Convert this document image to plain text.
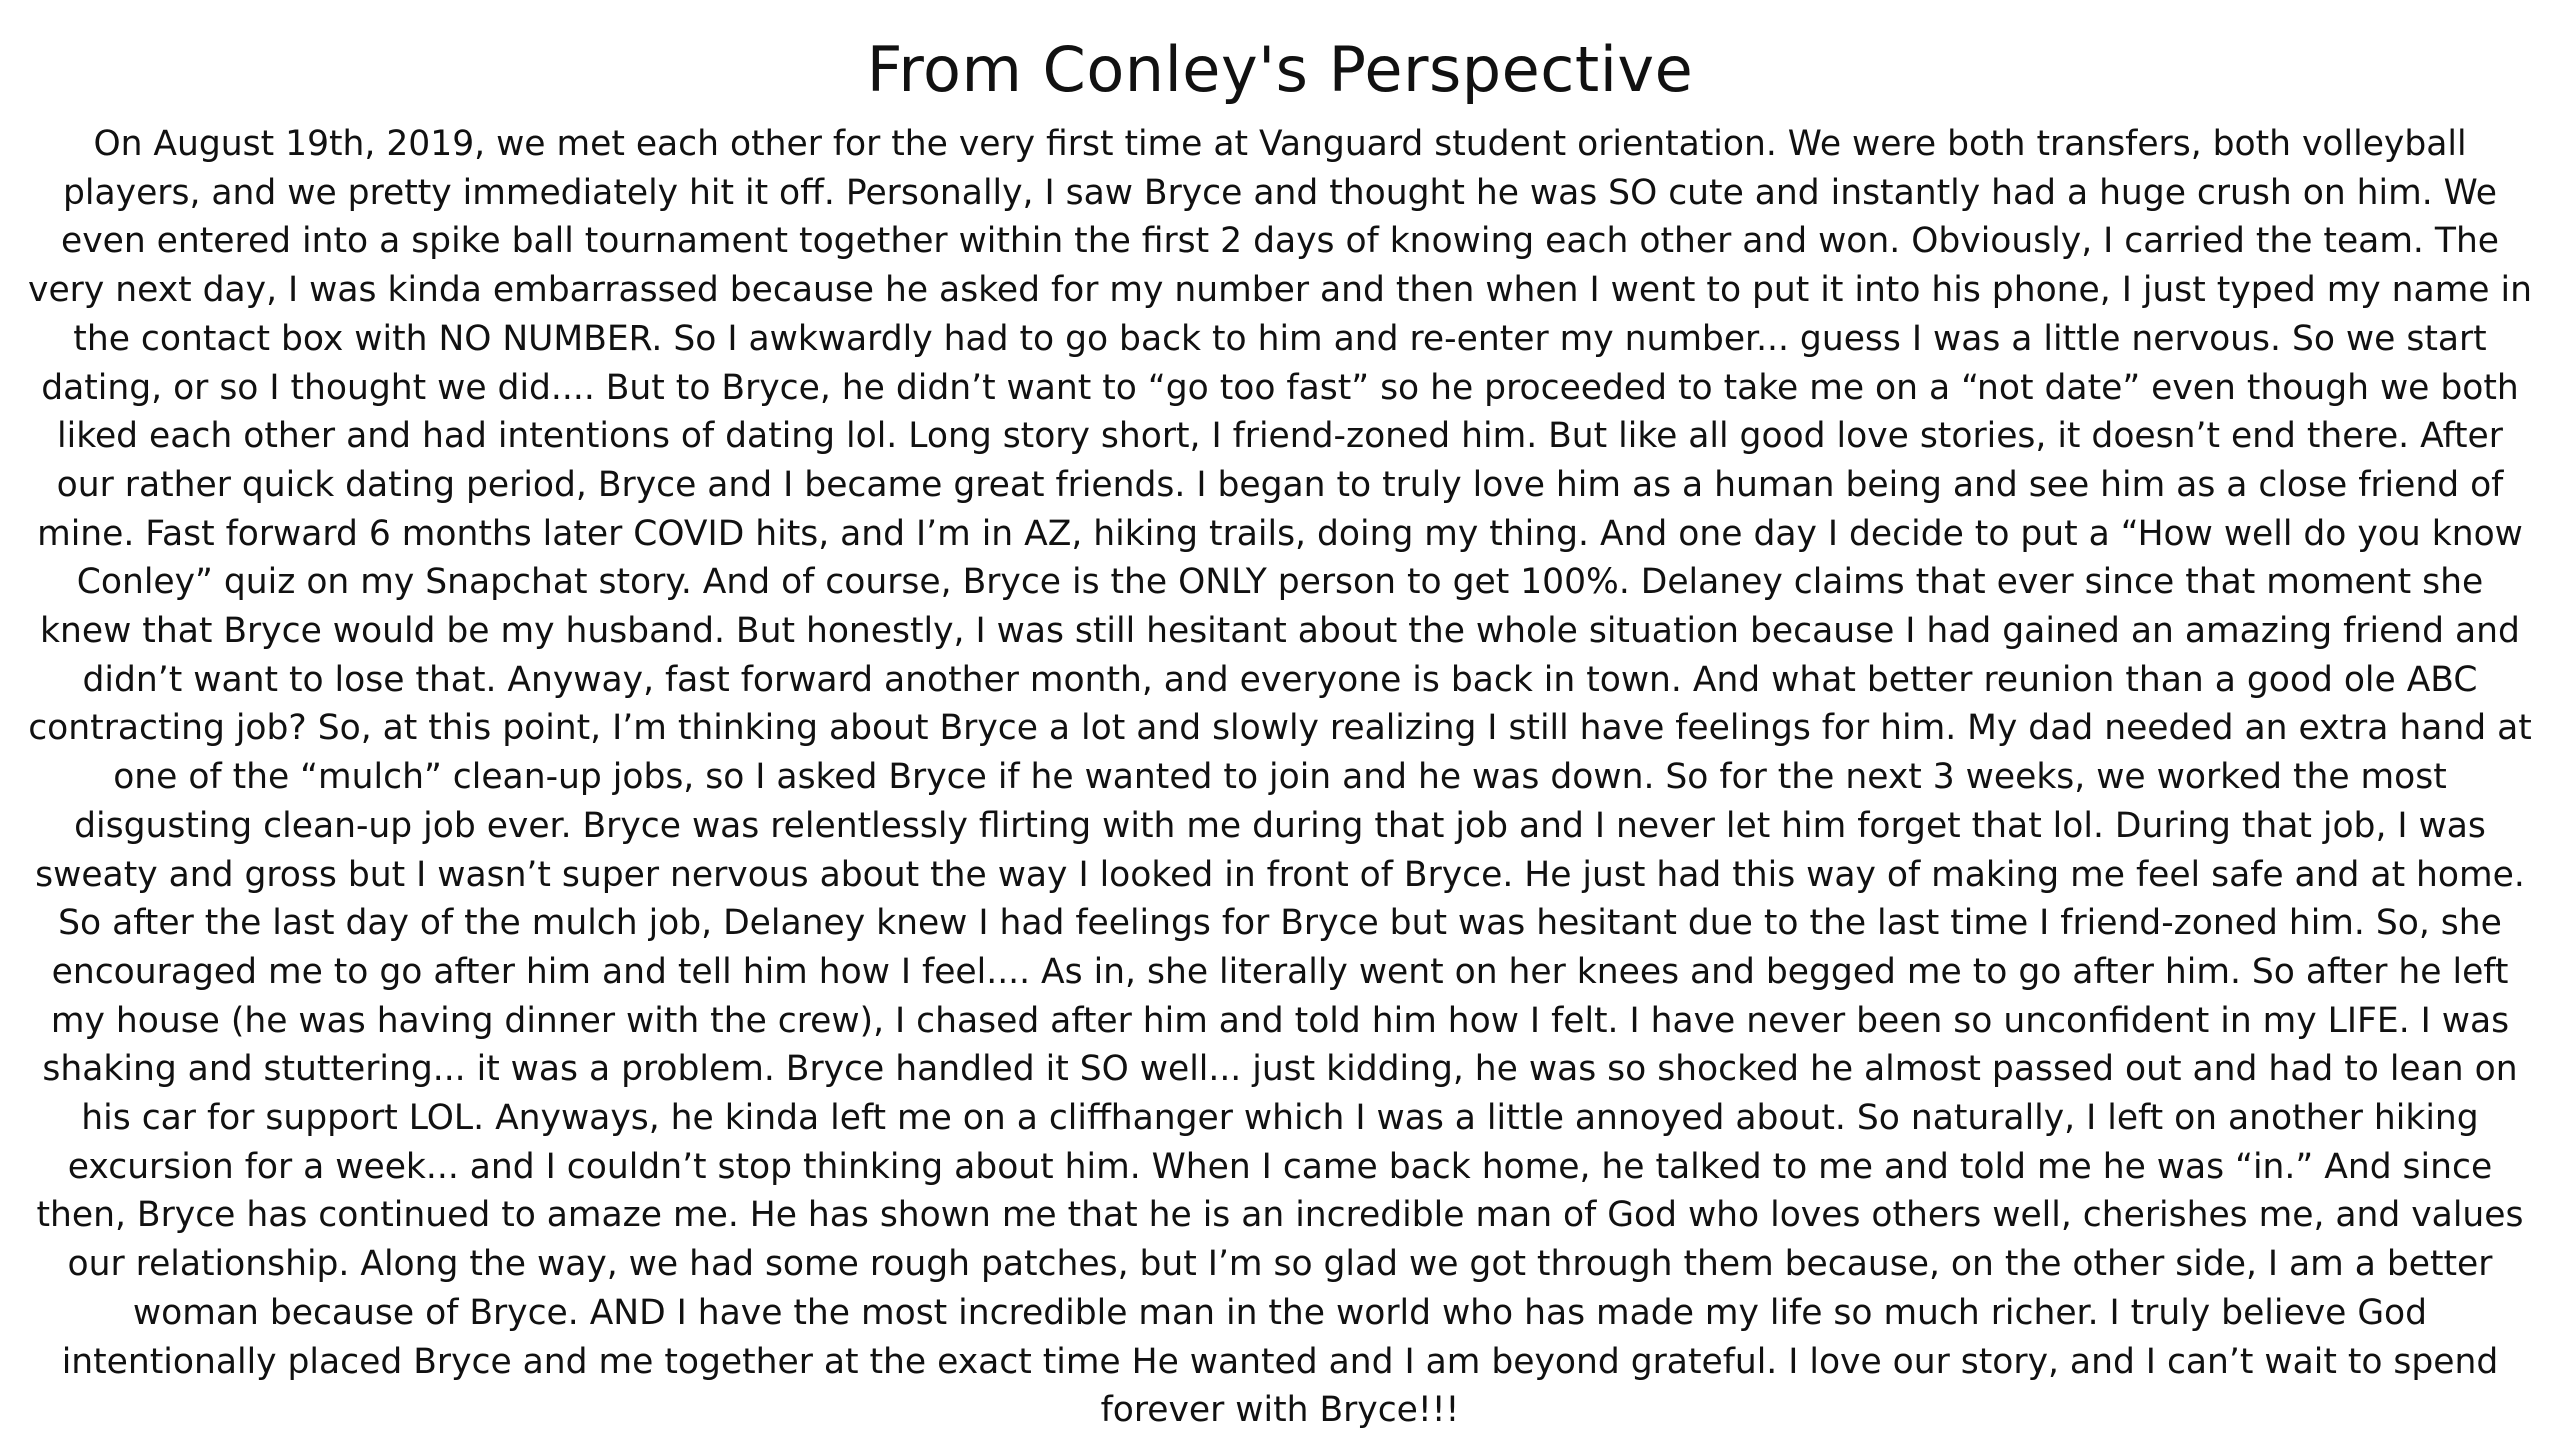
From Conley's Perspective

On August 19th, 2019, we met each other for the very first time at Vanguard student orientation. We were both transfers, both volleyball players, and we pretty immediately hit it off. Personally, I saw Bryce and thought he was SO cute and instantly had a huge crush on him. We even entered into a spike ball tournament together within the first 2 days of knowing each other and won. Obviously, I carried the team. The very next day, I was kinda embarrassed because he asked for my number and then when I went to put it into his phone, I just typed my name in the contact box with NO NUMBER. So I awkwardly had to go back to him and re-enter my number... guess I was a little nervous. So we start dating, or so I thought we did.... But to Bryce, he didn’t want to “go too fast” so he proceeded to take me on a “not date” even though we both liked each other and had intentions of dating lol. Long story short, I friend-zoned him. But like all good love stories, it doesn’t end there. After our rather quick dating period, Bryce and I became great friends. I began to truly love him as a human being and see him as a close friend of mine. Fast forward 6 months later COVID hits, and I’m in AZ, hiking trails, doing my thing. And one day I decide to put a “How well do you know Conley” quiz on my Snapchat story. And of course, Bryce is the ONLY person to get 100%. Delaney claims that ever since that moment she knew that Bryce would be my husband. But honestly, I was still hesitant about the whole situation because I had gained an amazing friend and didn’t want to lose that. Anyway, fast forward another month, and everyone is back in town. And what better reunion than a good ole ABC contracting job? So, at this point, I’m thinking about Bryce a lot and slowly realizing I still have feelings for him. My dad needed an extra hand at one of the “mulch” clean-up jobs, so I asked Bryce if he wanted to join and he was down. So for the next 3 weeks, we worked the most disgusting clean-up job ever. Bryce was relentlessly flirting with me during that job and I never let him forget that lol. During that job, I was sweaty and gross but I wasn’t super nervous about the way I looked in front of Bryce. He just had this way of making me feel safe and at home. So after the last day of the mulch job, Delaney knew I had feelings for Bryce but was hesitant due to the last time I friend-zoned him. So, she encouraged me to go after him and tell him how I feel.... As in, she literally went on her knees and begged me to go after him. So after he left my house (he was having dinner with the crew), I chased after him and told him how I felt. I have never been so unconfident in my LIFE. I was shaking and stuttering... it was a problem. Bryce handled it SO well... just kidding, he was so shocked he almost passed out and had to lean on his car for support LOL. Anyways, he kinda left me on a cliffhanger which I was a little annoyed about. So naturally, I left on another hiking excursion for a week... and I couldn’t stop thinking about him. When I came back home, he talked to me and told me he was “in.” And since then, Bryce has continued to amaze me. He has shown me that he is an incredible man of God who loves others well, cherishes me, and values our relationship. Along the way, we had some rough patches, but I’m so glad we got through them because, on the other side, I am a better woman because of Bryce. AND I have the most incredible man in the world who has made my life so much richer. I truly believe God intentionally placed Bryce and me together at the exact time He wanted and I am beyond grateful. I love our story, and I can’t wait to spend forever with Bryce!!!
